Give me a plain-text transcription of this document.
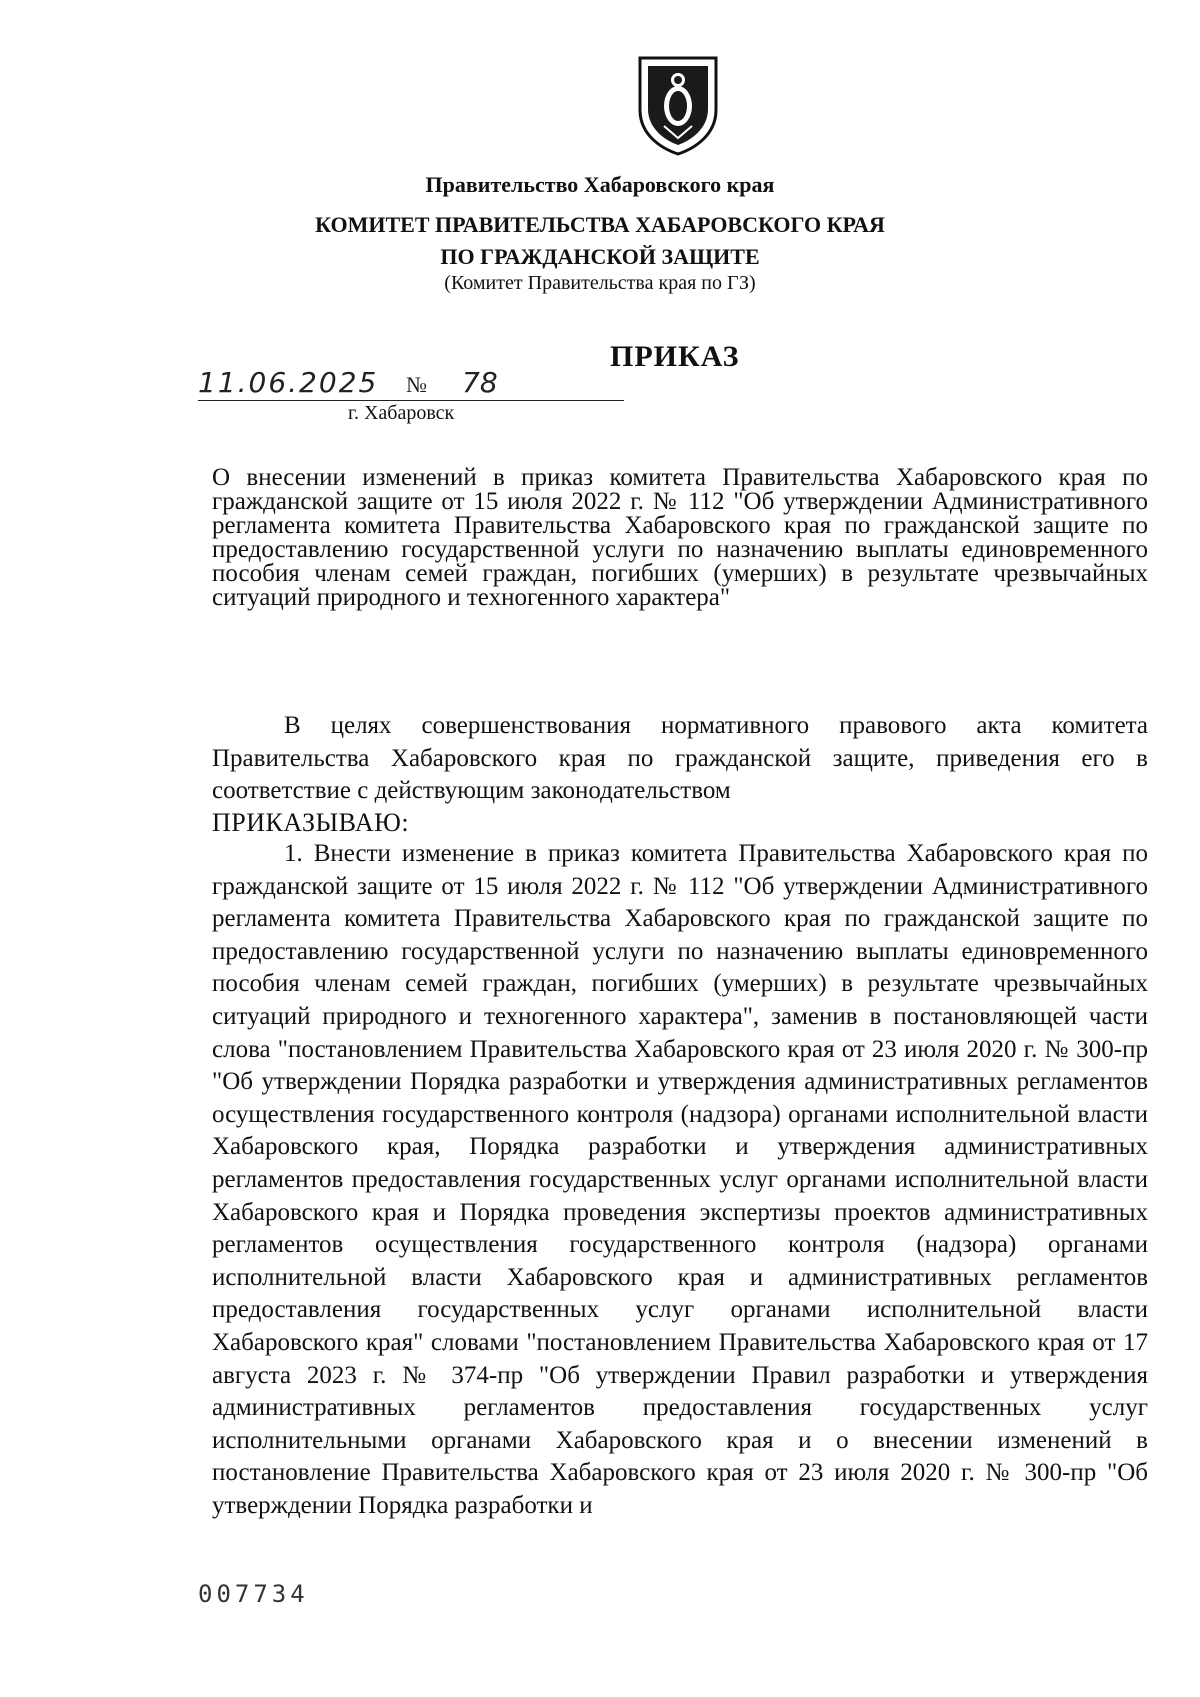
Правительство Хабаровского края
КОМИТЕТ ПРАВИТЕЛЬСТВА ХАБАРОВСКОГО КРАЯ
ПО ГРАЖДАНСКОЙ ЗАЩИТЕ
(Комитет Правительства края по ГЗ)
ПРИКАЗ
11.06.2025 № 78
г. Хабаровск
О внесении изменений в приказ комитета Правительства Хабаровского края по гражданской защите от 15 июля 2022 г. № 112 "Об утверждении Административного регламента комитета Правительства Хабаровского края по гражданской защите по предоставлению государственной услуги по назначению выплаты единовременного пособия членам семей граждан, погибших (умерших) в результате чрезвычайных ситуаций природного и техногенного характера"
В целях совершенствования нормативного правового акта комитета Правительства Хабаровского края по гражданской защите, приведения его в соответствие с действующим законодательством
ПРИКАЗЫВАЮ:
1. Внести изменение в приказ комитета Правительства Хабаровского края по гражданской защите от 15 июля 2022 г. № 112 "Об утверждении Административного регламента комитета Правительства Хабаровского края по гражданской защите по предоставлению государственной услуги по назначению выплаты единовременного пособия членам семей граждан, погибших (умерших) в результате чрезвычайных ситуаций природного и техногенного характера", заменив в постановляющей части слова "постановлением Правительства Хабаровского края от 23 июля 2020 г. № 300-пр "Об утверждении Порядка разработки и утверждения административных регламентов осуществления государственного контроля (надзора) органами исполнительной власти Хабаровского края, Порядка разработки и утверждения административных регламентов предоставления государственных услуг органами исполнительной власти Хабаровского края и Порядка проведения экспертизы проектов административных регламентов осуществления государственного контроля (надзора) органами исполнительной власти Хабаровского края и административных регламентов предоставления государственных услуг органами исполнительной власти Хабаровского края" словами "постановлением Правительства Хабаровского края от 17 августа 2023 г. № 374-пр "Об утверждении Правил разработки и утверждения административных регламентов предоставления государственных услуг исполнительными органами Хабаровского края и о внесении изменений в постановление Правительства Хабаровского края от 23 июля 2020 г. № 300-пр "Об утверждении Порядка разработки и
007734
